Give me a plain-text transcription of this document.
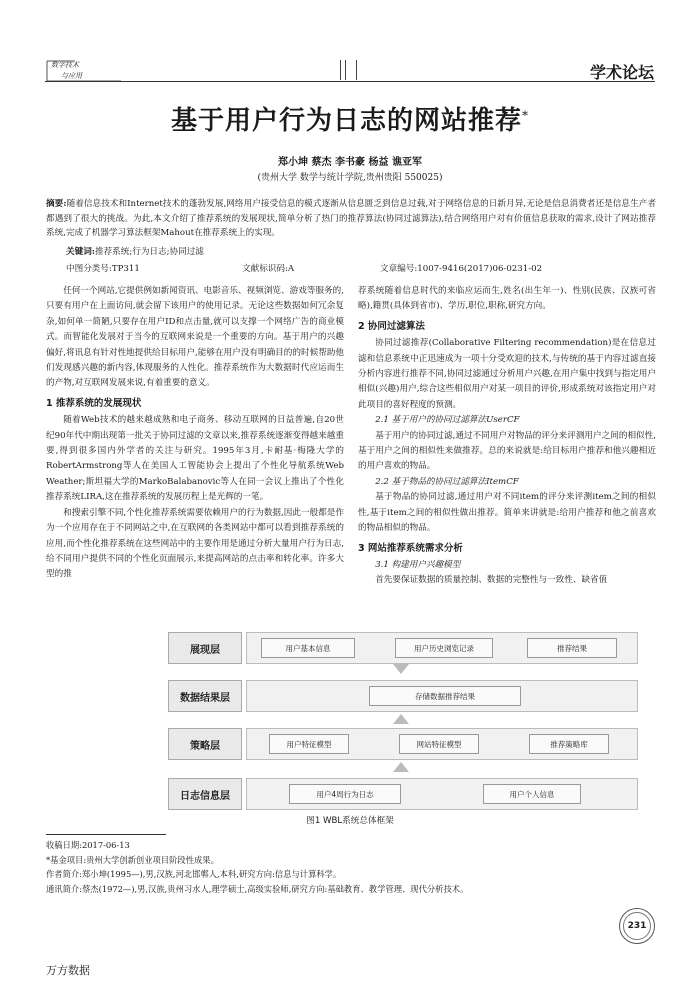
数字技术
与应用	学术论坛
基于用户行为日志的网站推荐*
郑小坤 蔡杰 李书豪 杨益 谯亚军
(贵州大学 数学与统计学院,贵州贵阳 550025)
摘要:随着信息技术和Internet技术的蓬勃发展,网络用户接受信息的模式逐渐从信息匮乏到信息过载,对于网络信息的日新月异,无论是信息消费者还是信息生产者都遇到了很大的挑战。为此,本文介绍了推荐系统的发展现状,简单分析了热门的推荐算法(协同过滤算法),结合网络用户对有价值信息获取的需求,设计了网站推荐系统,完成了机器学习算法框架Mahout在推荐系统上的实现。
关键词:推荐系统;行为日志;协同过滤
中图分类号:TP311	文献标识码:A	文章编号:1007-9416(2017)06-0231-02

任何一个网站,它提供例如新闻资讯、电影音乐、视频浏览、游戏等服务的,只要有用户在上面访问,就会留下该用户的使用记录。无论这些数据如何冗余复杂,如何单一简陋,只要存在用户ID和点击量,就可以支撑一个网络广告的商业模式。而智能化发展对于当今的互联网来说是一个重要的方向。基于用户的兴趣偏好,将讯息有针对性地提供给目标用户,能够在用户没有明确目的的时候帮助他们发现感兴趣的新内容,体现服务的人性化。推荐系统作为大数据时代应运而生的产物,对互联网发展来说,有着重要的意义。

1 推荐系统的发展现状

随着Web技术的越来越成熟和电子商务、移动互联网的日益普遍,自20世纪90年代中期出现第一批关于协同过滤的文章以来,推荐系统逐渐变得越来越重要,得到很多国内外学者的关注与研究。1995年3月,卡耐基·梅隆大学的RobertArmstrong等人在美国人工智能协会上提出了个性化导航系统Web Weather;斯坦福大学的MarkoBalabanovic等人在同一会议上推出了个性化推荐系统LIRA,这在推荐系统的发展历程上是光辉的一笔。

和搜索引擎不同,个性化推荐系统需要依赖用户的行为数据,因此一般都是作为一个应用存在于不同网站之中,在互联网的各类网站中都可以看到推荐系统的应用,而个性化推荐系统在这些网站中的主要作用是通过分析大量用户行为日志,给不同用户提供不同的个性化页面展示,来提高网站的点击率和转化率。许多大型的推

荐系统随着信息时代的来临应运而生,姓名(出生年一)、性别(民族、汉族可省略),籍贯(具体到省市)、学历,职位,职称,研究方向。

2 协同过滤算法

协同过滤推荐(Collaborative Filtering recommendation)是在信息过滤和信息系统中正迅速成为一项十分受欢迎的技术,与传统的基于内容过滤直接分析内容进行推荐不同,协同过滤通过分析用户兴趣,在用户集中找到与指定用户相似(兴趣)用户,综合这些相似用户对某一项目的评价,形成系统对该指定用户对此项目的喜好程度的预测。

2.1 基于用户的协同过滤算法UserCF

基于用户的协同过滤,通过不同用户对物品的评分来评测用户之间的相似性,基于用户之间的相似性来做推荐。总的来说就是:给目标用户推荐和他兴趣相近的用户喜欢的物品。

2.2 基于物品的协同过滤算法ItemCF

基于物品的协同过滤,通过用户对不同item的评分来评测item之间的相似性,基于item之间的相似性做出推荐。简单来讲就是:给用户推荐和他之前喜欢的物品相似的物品。

3 网站推荐系统需求分析
3.1 构建用户兴趣模型

首先要保证数据的质量控制、数据的完整性与一致性、缺省值

展现层	用户基本信息	用户历史浏览记录	推荐结果
数据结果层	存储数据推荐结果
策略层	用户特征模型	网站特征模型	推荐策略库
日志信息层	用户4周行为日志	用户个人信息
图1 WBL系统总体框架
收稿日期:2017-06-13
*基金项目:贵州大学创新创业项目阶段性成果。
作者简介:郑小坤(1995—),男,汉族,河北邯郸人,本科,研究方向:信息与计算科学。
通讯简介:蔡杰(1972—),男,汉族,贵州习水人,理学硕士,高级实验师,研究方向:基础教育、教学管理、现代分析技术。
231
万方数据
